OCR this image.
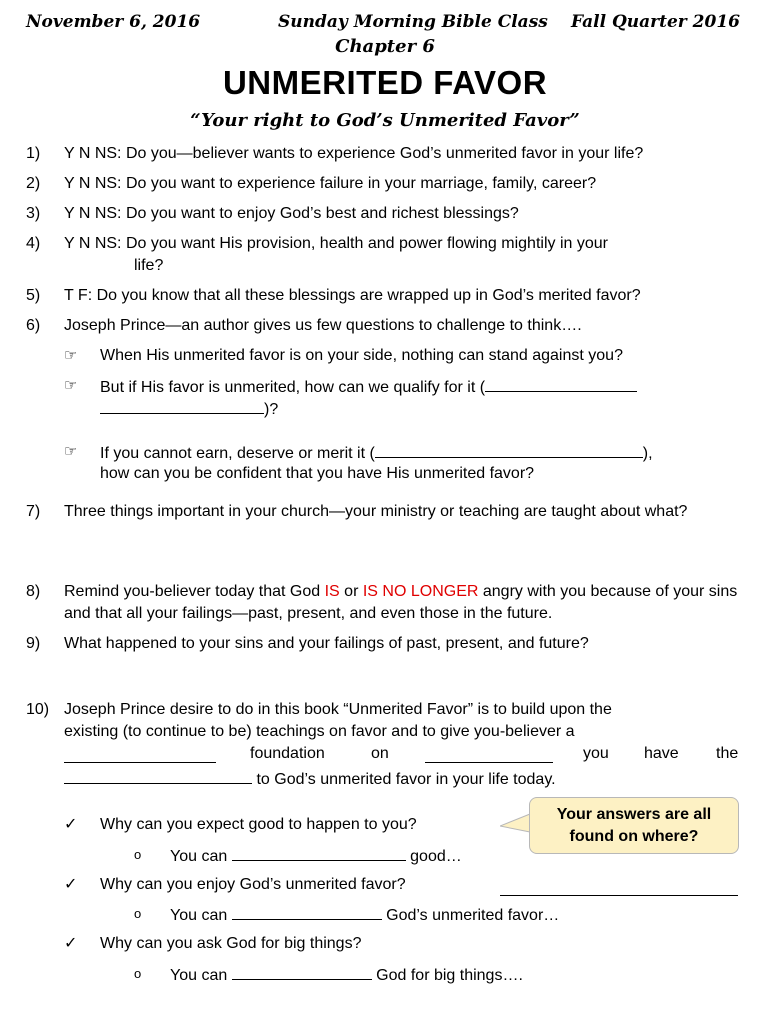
November 6, 2016	Sunday Morning Bible Class Fall Quarter 2016
Chapter 6
UNMERITED FAVOR
“Your right to God’s Unmerited Favor”
1) Y N NS: Do you—believer wants to experience God’s unmerited favor in your life?
2) Y N NS: Do you want to experience failure in your marriage, family, career?
3) Y N NS: Do you want to enjoy God’s best and richest blessings?
4) Y N NS: Do you want His provision, health and power flowing mightily in your
life?
5) T F: Do you know that all these blessings are wrapped up in God’s merited favor?
6) Joseph Prince—an author gives us few questions to challenge to think….
☞ When His unmerited favor is on your side, nothing can stand against you?
☞ But if His favor is unmerited, how can we qualify for it (
)?
☞ If you cannot earn, deserve or merit it (	),
how can you be confident that you have His unmerited favor?
7) Three things important in your church—your ministry or teaching are taught about what?
8) Remind you-believer today that God IS or IS NO LONGER angry with you because of your sins and that all your failings—past, present, and even those in the future.
9) What happened to your sins and your failings of past, present, and future?
10) Joseph Prince desire to do in this book “Unmerited Favor” is to build upon the
existing (to continue to be) teachings on favor and to give you-believer a
foundation	on	you have the
to God’s unmerited favor in your life today.
✓ Why can you expect good to happen to you?
o You can	good…
✓ Why can you enjoy God’s unmerited favor?
o You can	God’s unmerited favor…
✓ Why can you ask God for big things?
o You can	God for big things….
Your answers are all
found on where?
